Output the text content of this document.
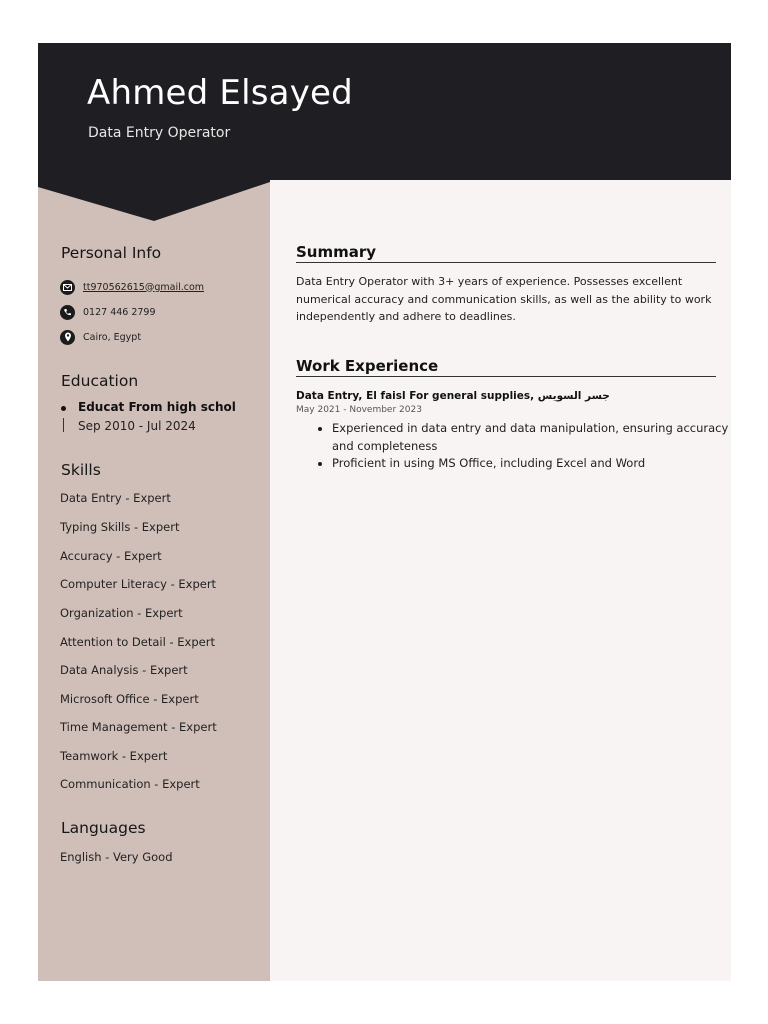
Ahmed Elsayed
Data Entry Operator
Personal Info
tt970562615@gmail.com
0127 446 2799
Cairo, Egypt
Education
Educat From high schol
Sep 2010 - Jul 2024
Skills
Data Entry - Expert
Typing Skills - Expert
Accuracy - Expert
Computer Literacy - Expert
Organization - Expert
Attention to Detail - Expert
Data Analysis - Expert
Microsoft Office - Expert
Time Management - Expert
Teamwork - Expert
Communication - Expert
Languages
English - Very Good
Summary
Data Entry Operator with 3+ years of experience. Possesses excellent numerical accuracy and communication skills, as well as the ability to work independently and adhere to deadlines.
Work Experience
Data Entry, El faisl For general supplies, جسر السويس
May 2021 - November 2023
• Experienced in data entry and data manipulation, ensuring accuracy and completeness
• Proficient in using MS Office, including Excel and Word
